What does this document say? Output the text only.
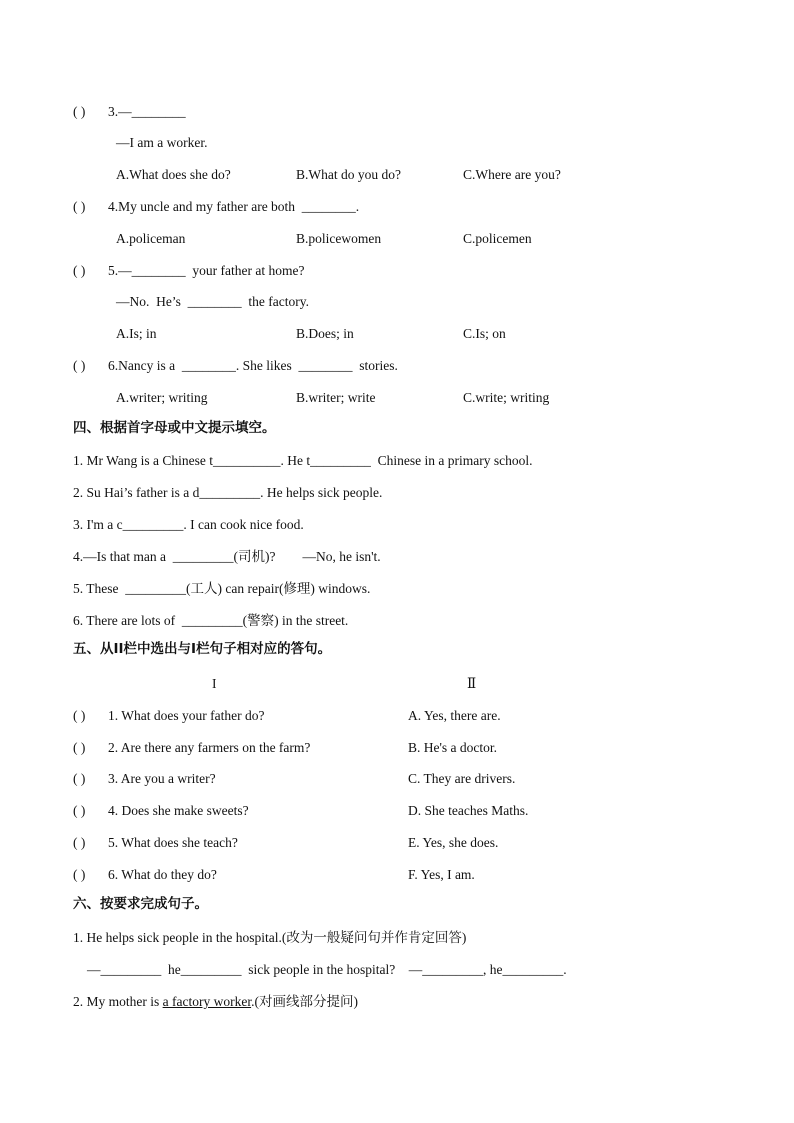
( ) 3.—________
—I am a worker.
A.What does she do?	B.What do you do?	C.Where are you?
( ) 4.My uncle and my father are both  ________.
A.policeman	B.policewomen	C.policemen
( ) 5.—________  your father at home?
—No.  He’s  ________  the factory.
A.Is; in	B.Does; in	C.Is; on
( ) 6.Nancy is a  ________. She likes  ________  stories.
A.writer; writing	B.writer; write	C.write; writing
四、根据首字母或中文提示填空。
1. Mr Wang is a Chinese t__________. He t_________  Chinese in a primary school.
2. Su Hai’s father is a d_________. He helps sick people.
3. I'm a c_________. I can cook nice food.
4.—Is that man a  _________(司机)?        —No, he isn't.
5. These  _________(工人) can repair(修理) windows.
6. There are lots of  _________(警察) in the street.
五、从II栏中选出与I栏句子相对应的答句。
I	Ⅱ
( ) 1. What does your father do?	A. Yes, there are.
( ) 2. Are there any farmers on the farm?	B. He's a doctor.
( ) 3. Are you a writer?	C. They are drivers.
( ) 4. Does she make sweets?	D. She teaches Maths.
( ) 5. What does she teach?	E. Yes, she does.
( ) 6. What do they do?	F. Yes, I am.
六、按要求完成句子。
1. He helps sick people in the hospital.(改为一般疑问句并作肯定回答)
—_________  he_________  sick people in the hospital?    —_________, he_________.
2. My mother is a factory worker.(对画线部分提问)
